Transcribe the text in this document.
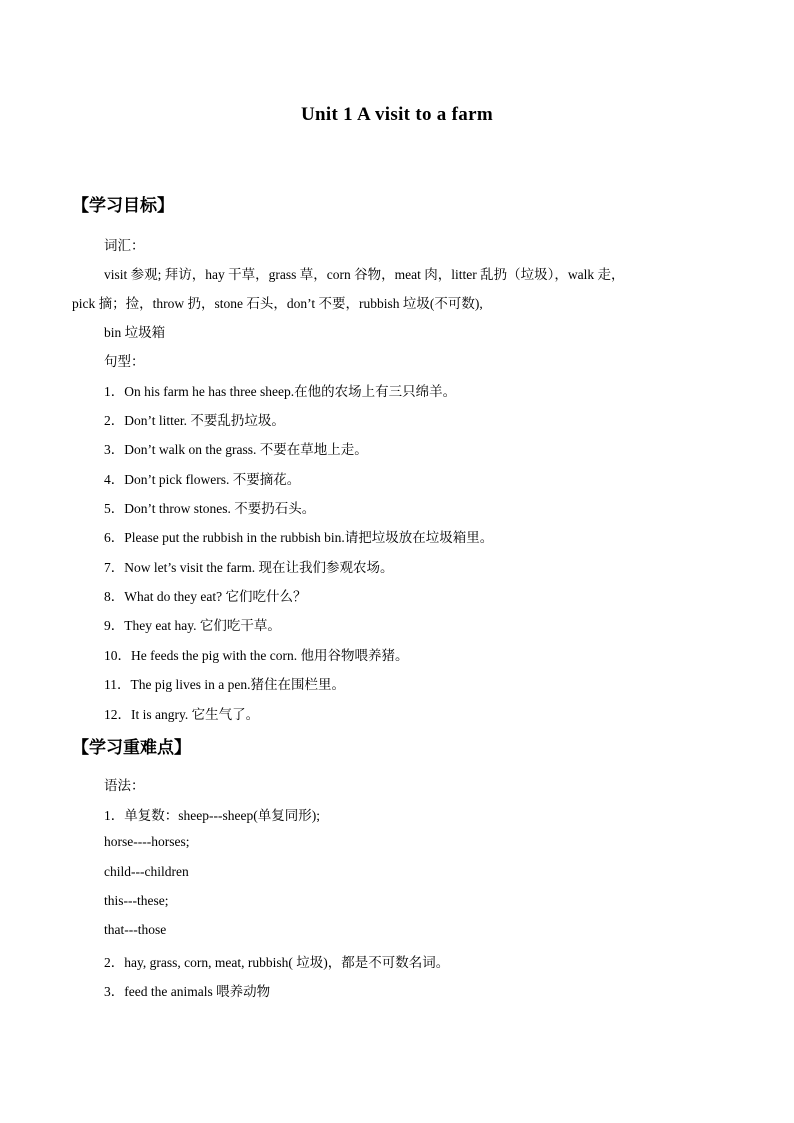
Unit 1 A visit to a farm
【学习目标】
词汇：
visit 参观; 拜访，hay 干草，grass 草，corn 谷物，meat 肉，litter 乱扔（垃圾），walk 走，
pick 摘；捡，throw 扔，stone 石头，don’t 不要，rubbish 垃圾(不可数),
bin 垃圾箱
句型：
1．On his farm he has three sheep.在他的农场上有三只绵羊。
2．Don’t litter. 不要乱扔垃圾。
3．Don’t walk on the grass. 不要在草地上走。
4．Don’t pick flowers. 不要摘花。
5．Don’t throw stones. 不要扔石头。
6．Please put the rubbish in the rubbish bin.请把垃圾放在垃圾箱里。
7．Now let’s visit the farm. 现在让我们参观农场。
8．What do they eat? 它们吃什么？
9．They eat hay. 它们吃干草。
10．He feeds the pig with the corn. 他用谷物喂养猪。
11．The pig lives in a pen.猪住在围栏里。
12．It is angry. 它生气了。
【学习重难点】
语法：
1．单复数：sheep---sheep(单复同形);
horse----horses;
child---children
this---these;
that---those
2．hay, grass, corn, meat, rubbish( 垃圾)，都是不可数名词。
3．feed the animals 喂养动物
